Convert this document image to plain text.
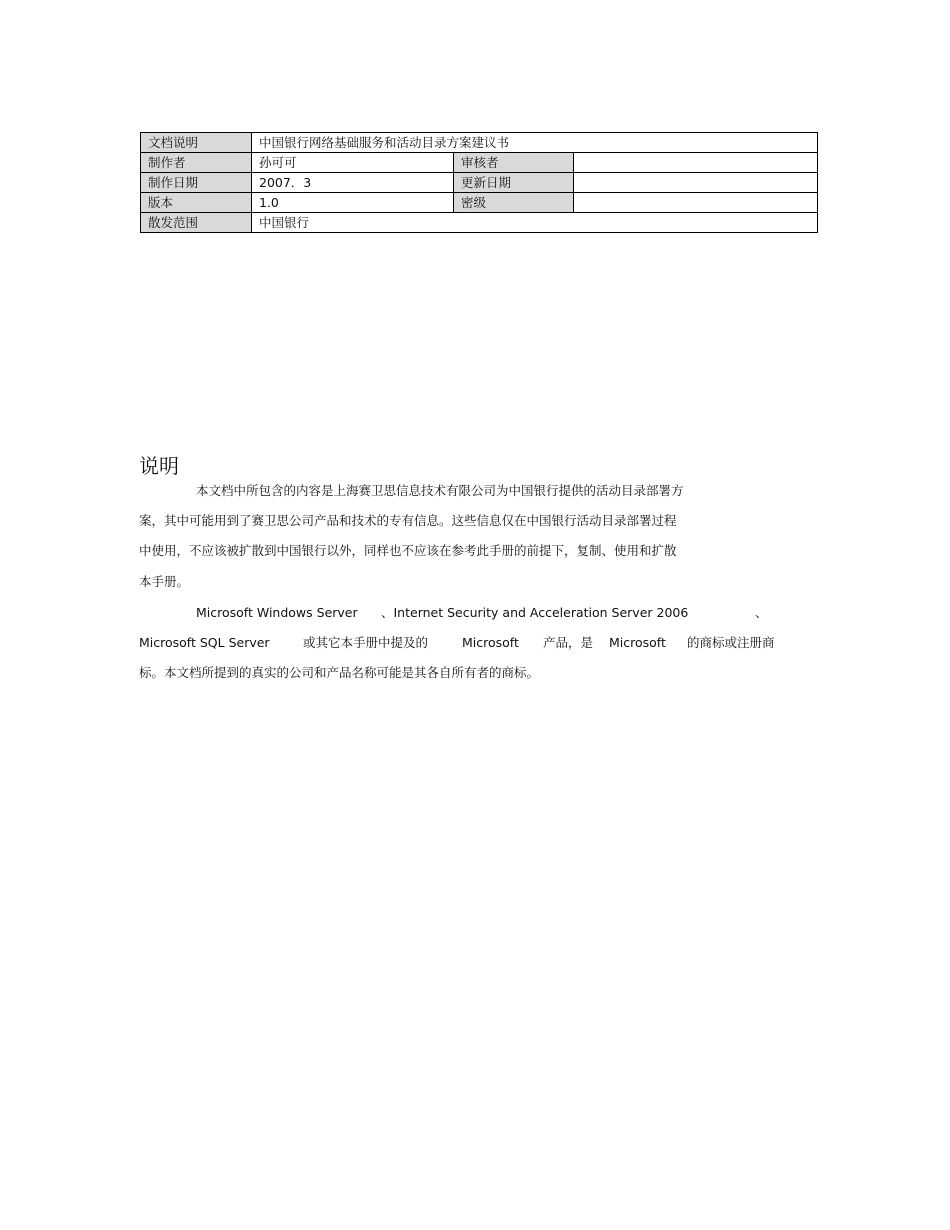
文档说明	中国银行网络基础服务和活动目录方案建议书		
制作者	孙可可	审核者	
制作日期	2007．3	更新日期	
版本	1.0	密级	
散发范围	中国银行		
说明

本文档中所包含的内容是上海赛卫思信息技术有限公司为中国银行提供的活动目录部署方

案，其中可能用到了赛卫思公司产品和技术的专有信息。这些信息仅在中国银行活动目录部署过程

中使用，不应该被扩散到中国银行以外，同样也不应该在参考此手册的前提下，复制、使用和扩散

本手册。

Microsoft Windows Server 、Internet Security and Acceleration Server 2006	、
Microsoft SQL Server	或其它本手册中提及的	Microsoft 产品，是 Microsoft 的商标或注册商

标。本文档所提到的真实的公司和产品名称可能是其各自所有者的商标。
